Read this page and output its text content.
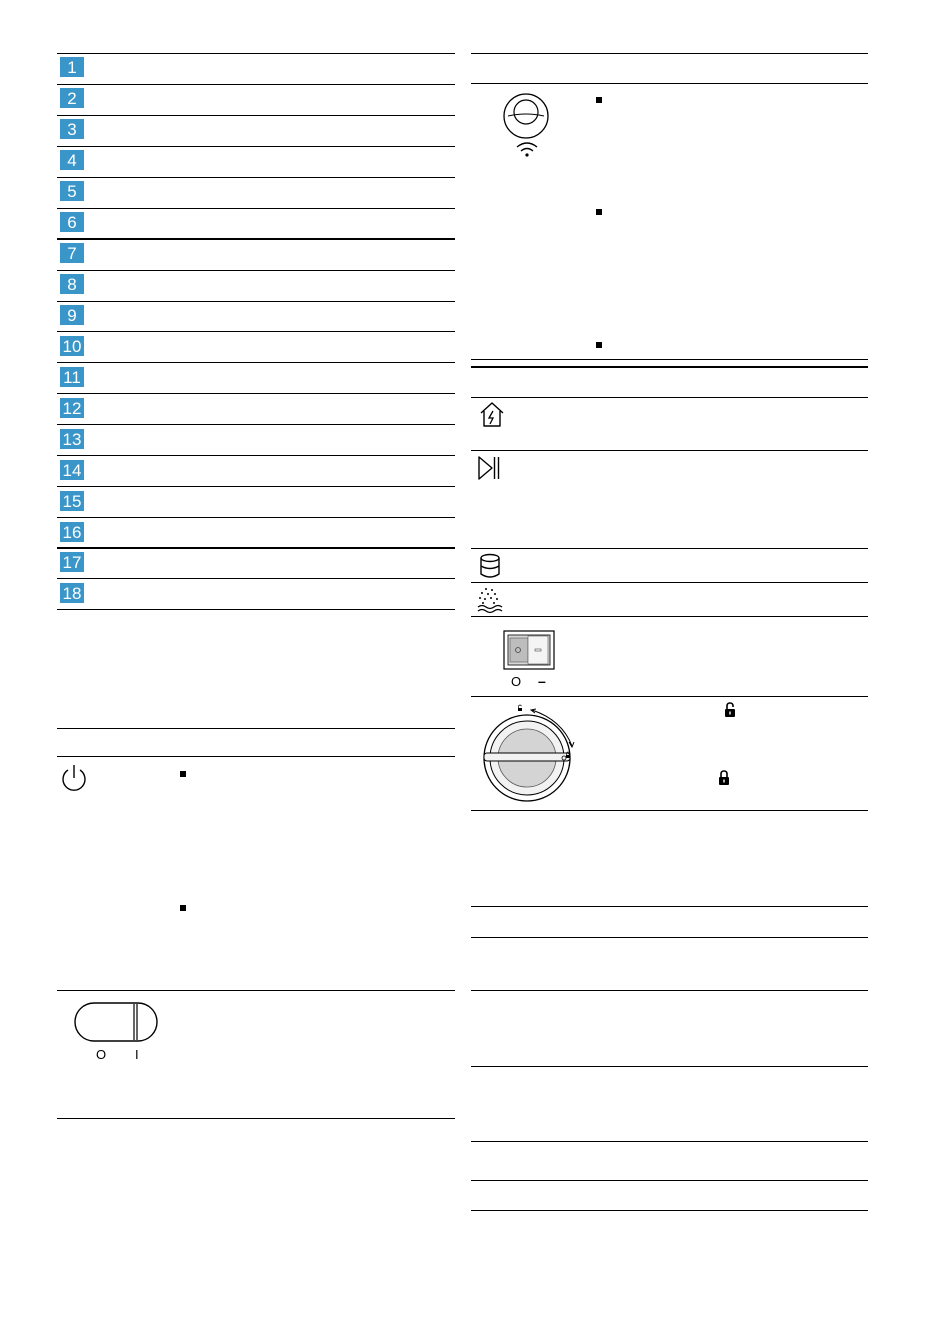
1
2
3
4
5
6
7
8
9
10
11
12
13
14
15
16
17
18
O I
O –
